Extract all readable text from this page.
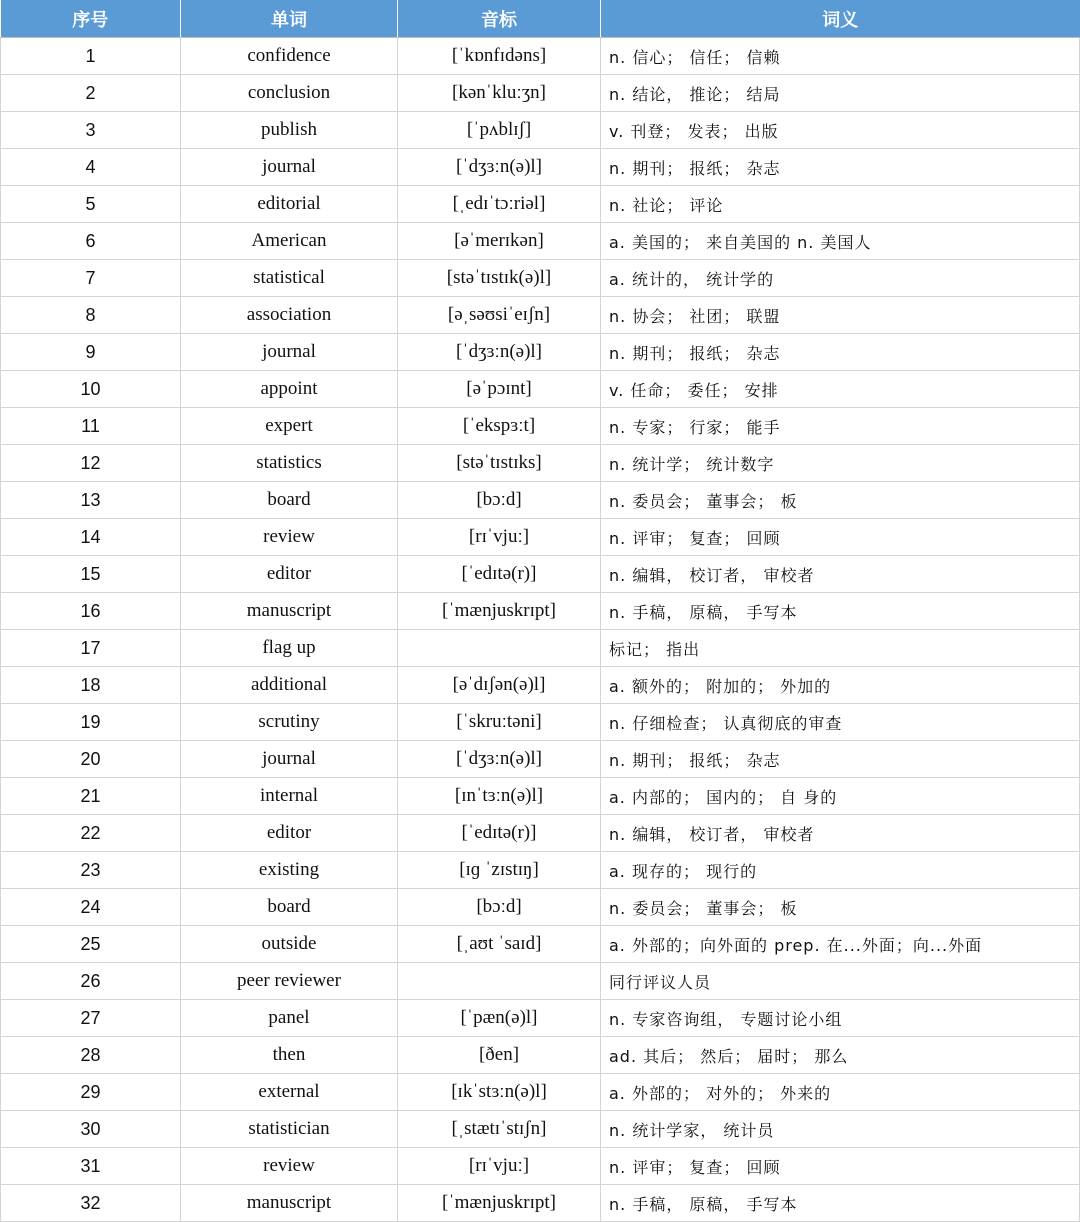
序号	单词	音标	词义
1	confidence	[ˈkɒnfɪdəns]	n. 信心； 信任； 信赖
2	conclusion	[kənˈkluːʒn]	n. 结论， 推论； 结局
3	publish	[ˈpʌblɪʃ]	v. 刊登； 发表； 出版
4	journal	[ˈdʒɜːn(ə)l]	n. 期刊； 报纸； 杂志
5	editorial	[ˌedɪˈtɔːriəl]	n. 社论； 评论
6	American	[əˈmerɪkən]	a. 美国的； 来自美国的 n. 美国人
7	statistical	[stəˈtɪstɪk(ə)l]	a. 统计的， 统计学的
8	association	[əˌsəʊsiˈeɪʃn]	n. 协会； 社团； 联盟
9	journal	[ˈdʒɜːn(ə)l]	n. 期刊； 报纸； 杂志
10	appoint	[əˈpɔɪnt]	v. 任命； 委任； 安排
11	expert	[ˈekspɜːt]	n. 专家； 行家； 能手
12	statistics	[stəˈtɪstɪks]	n. 统计学； 统计数字
13	board	[bɔːd]	n. 委员会； 董事会； 板
14	review	[rɪˈvjuː]	n. 评审； 复查； 回顾
15	editor	[ˈedɪtə(r)]	n. 编辑， 校订者， 审校者
16	manuscript	[ˈmænjuskrɪpt]	n. 手稿， 原稿， 手写本
17	flag up		标记； 指出
18	additional	[əˈdɪʃən(ə)l]	a. 额外的； 附加的； 外加的
19	scrutiny	[ˈskruːtəni]	n. 仔细检查； 认真彻底的审查
20	journal	[ˈdʒɜːn(ə)l]	n. 期刊； 报纸； 杂志
21	internal	[ɪnˈtɜːn(ə)l]	a. 内部的； 国内的； 自 身的
22	editor	[ˈedɪtə(r)]	n. 编辑， 校订者， 审校者
23	existing	[ɪɡ ˈzɪstɪŋ]	a. 现存的； 现行的
24	board	[bɔːd]	n. 委员会； 董事会； 板
25	outside	[ˌaʊt ˈsaɪd]	a. 外部的；向外面的 prep. 在...外面；向...外面
26	peer reviewer		同行评议人员
27	panel	[ˈpæn(ə)l]	n. 专家咨询组， 专题讨论小组
28	then	[ðen]	ad. 其后； 然后； 届时； 那么
29	external	[ɪkˈstɜːn(ə)l]	a. 外部的； 对外的； 外来的
30	statistician	[ˌstætɪˈstɪʃn]	n. 统计学家， 统计员
31	review	[rɪˈvjuː]	n. 评审； 复查； 回顾
32	manuscript	[ˈmænjuskrɪpt]	n. 手稿， 原稿， 手写本
